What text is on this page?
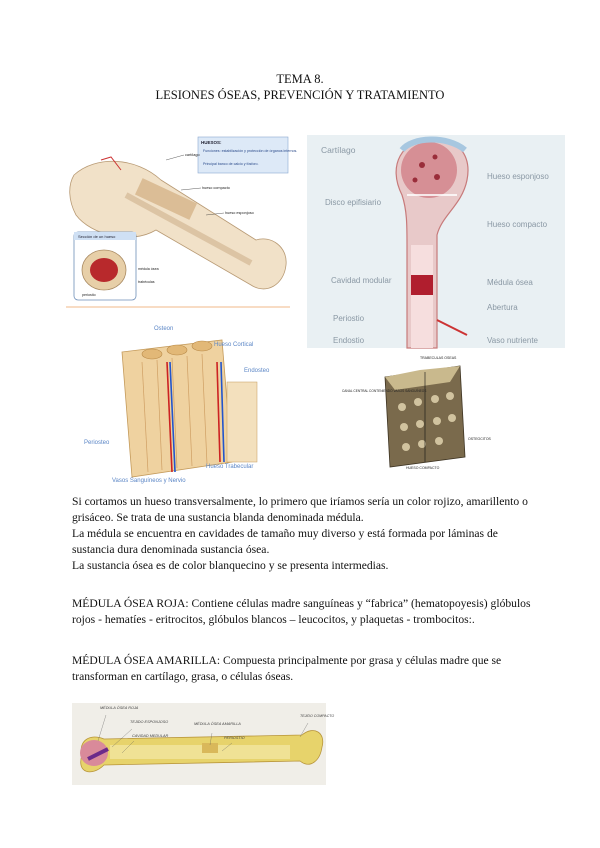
TEMA 8.
LESIONES ÓSEAS, PREVENCIÓN Y TRATAMIENTO
HUESOS:
Funciones: estabilización y protección de órganos internos.
Principal banco de calcio y fósforo.
cartílago
hueso compacto
hueso esponjoso
Sección de un hueso
médula ósea
periostio
trabéculas
Cartílago
Hueso esponjoso
Disco epifisiario
Hueso compacto
Cavidad modular	Médula ósea
Abertura
Periostio
Endostio	Vaso nutriente
Osteon
Hueso Cortical
Endosteo
Periosteo
Hueso Trabecular
Vasos Sanguíneos y Nervio
TRABECULAS OSEAS
CANAL CENTRAL CONTENIENDO VASOS SANGUÍNEOS
OSTEOCITOS
HUESO COMPACTO

Si cortamos un hueso transversalmente, lo primero que iríamos sería un color rojizo, amarillento o grisáceo. Se trata de una sustancia blanda denominada médula.

La médula se encuentra en cavidades de tamaño muy diverso y está formada por láminas de sustancia dura denominada sustancia ósea.

La sustancia ósea es de color blanquecino y se presenta intermedias.

MÉDULA ÓSEA ROJA: Contiene células madre sanguíneas y “fabrica” (hematopoyesis) glóbulos rojos - hematíes - eritrocitos, glóbulos blancos – leucocitos, y plaquetas - trombocitos:.
MÉDULA ÓSEA AMARILLA: Compuesta principalmente por grasa y células madre que se transforman en cartílago, grasa, o células óseas.
MÉDULA ÓSEA ROJA
TEJIDO ESPONJOSO
CAVIDAD MEDULAR
MÉDULA ÓSEA AMARILLA
PERIOSTIO
TEJIDO COMPACTO
